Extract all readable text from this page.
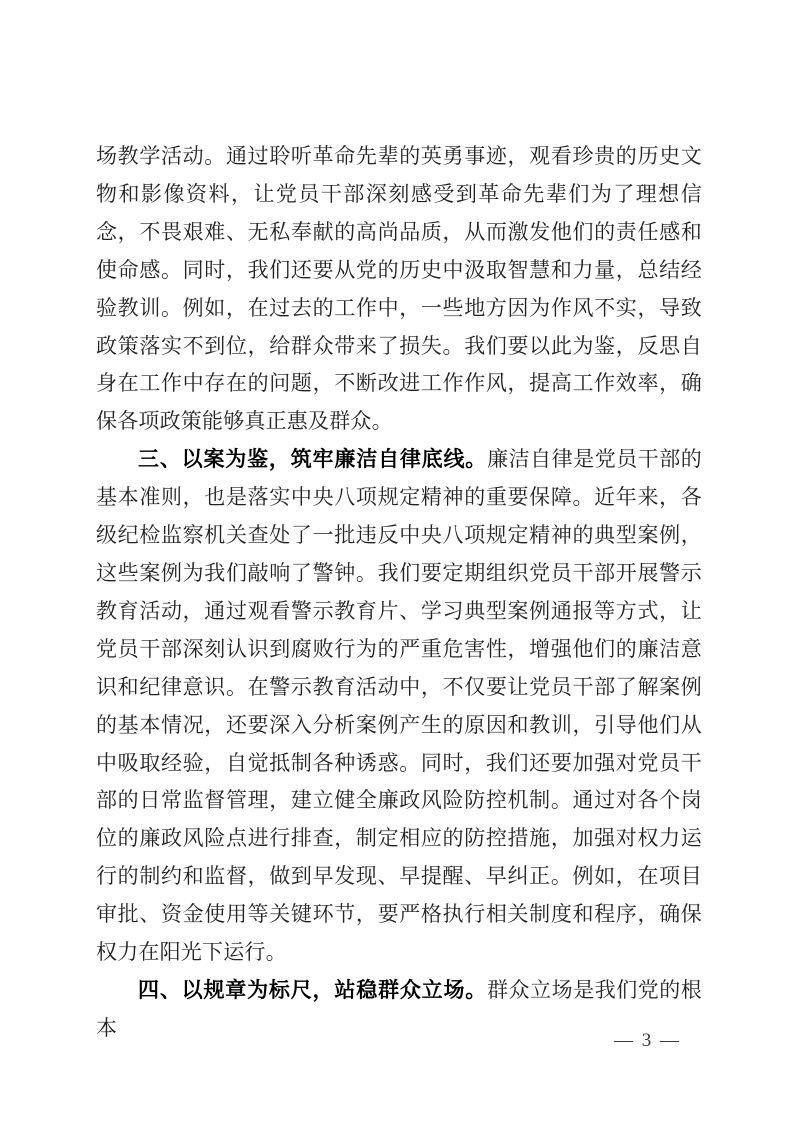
场教学活动。通过聆听革命先辈的英勇事迹，观看珍贵的历史文物和影像资料，让党员干部深刻感受到革命先辈们为了理想信念，不畏艰难、无私奉献的高尚品质，从而激发他们的责任感和使命感。同时，我们还要从党的历史中汲取智慧和力量，总结经验教训。例如，在过去的工作中，一些地方因为作风不实，导致政策落实不到位，给群众带来了损失。我们要以此为鉴，反思自身在工作中存在的问题，不断改进工作作风，提高工作效率，确保各项政策能够真正惠及群众。

三、以案为鉴，筑牢廉洁自律底线。廉洁自律是党员干部的基本准则，也是落实中央八项规定精神的重要保障。近年来，各级纪检监察机关查处了一批违反中央八项规定精神的典型案例，这些案例为我们敲响了警钟。我们要定期组织党员干部开展警示教育活动，通过观看警示教育片、学习典型案例通报等方式，让党员干部深刻认识到腐败行为的严重危害性，增强他们的廉洁意识和纪律意识。在警示教育活动中，不仅要让党员干部了解案例的基本情况，还要深入分析案例产生的原因和教训，引导他们从中吸取经验，自觉抵制各种诱惑。同时，我们还要加强对党员干部的日常监督管理，建立健全廉政风险防控机制。通过对各个岗位的廉政风险点进行排查，制定相应的防控措施，加强对权力运行的制约和监督，做到早发现、早提醒、早纠正。例如，在项目审批、资金使用等关键环节，要严格执行相关制度和程序，确保权力在阳光下运行。

四、以规章为标尺，站稳群众立场。群众立场是我们党的根本

— 3 —
